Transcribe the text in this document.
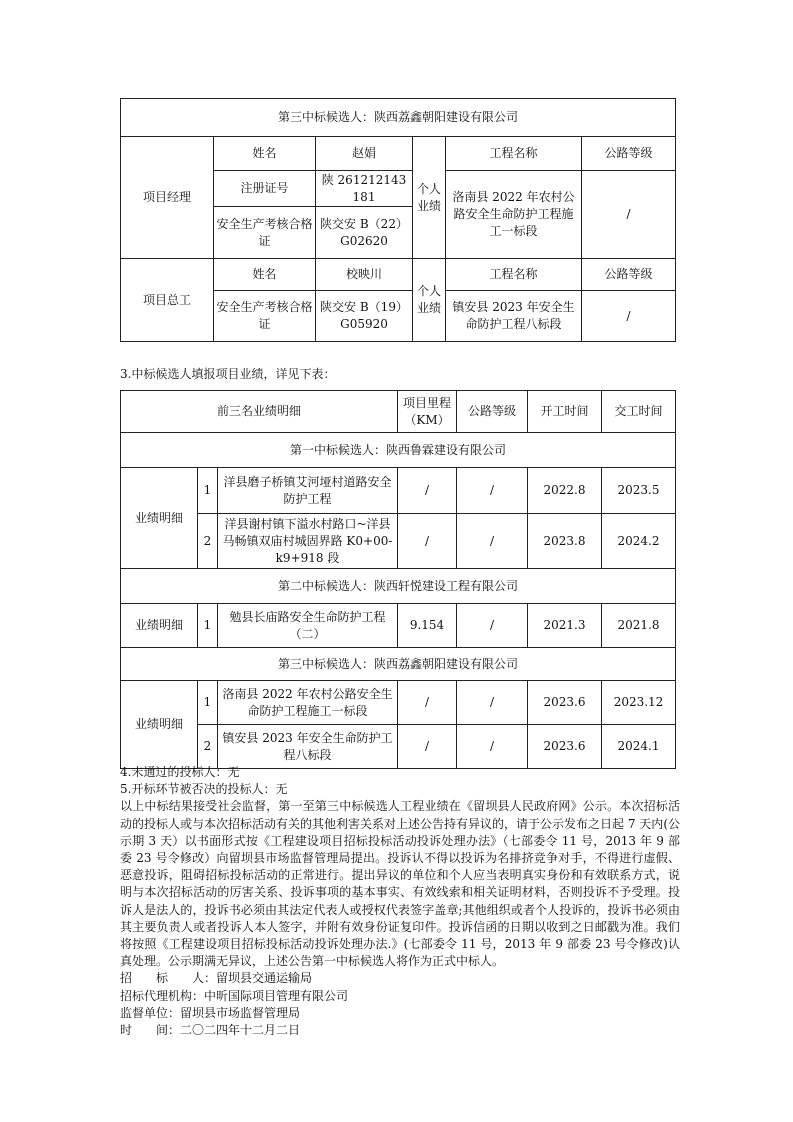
第三中标候选人：陕西荔鑫朝阳建设有限公司					
项目经理	姓名	赵娟	个人业绩	工程名称	公路等级
	注册证号	陕 261212143181		洛南县 2022 年农村公路安全生命防护工程施工一标段	/
	安全生产考核合格证	陕交安 B（22）G02620			
项目总工	姓名	校映川	个人业绩	工程名称	公路等级
	安全生产考核合格证	陕交安 B（19）G05920		镇安县 2023 年安全生命防护工程八标段	/

3.中标候选人填报项目业绩，详见下表：

前三名业绩明细			项目里程（KM）	公路等级	开工时间	交工时间
第一中标候选人：陕西鲁霖建设有限公司						
业绩明细	1	洋县磨子桥镇艾河垭村道路安全防护工程	/	/	2022.8	2023.5
	2	洋县谢村镇下溢水村路口~洋县马畅镇双庙村城固界路 K0+00-k9+918 段	/	/	2023.8	2024.2
第二中标候选人：陕西轩悦建设工程有限公司						
业绩明细	1	勉县长庙路安全生命防护工程（二）	9.154	/	2021.3	2021.8
第三中标候选人：陕西荔鑫朝阳建设有限公司						
业绩明细	1	洛南县 2022 年农村公路安全生命防护工程施工一标段	/	/	2023.6	2023.12
	2	镇安县 2023 年安全生命防护工程八标段	/	/	2023.6	2024.1

4.未通过的投标人：无

5.开标环节被否决的投标人：无

以上中标结果接受社会监督，第一至第三中标候选人工程业绩在《留坝县人民政府网》公示。本次招标活动的投标人或与本次招标活动有关的其他利害关系对上述公告持有异议的，请于公示发布之日起 7 天内(公示期 3 天）以书面形式按《工程建设项目招标投标活动投诉处理办法》（七部委令 11 号，2013 年 9 部委 23 号令修改）向留坝县市场监督管理局提出。投诉认不得以投诉为名排挤竞争对手，不得进行虚假、恶意投诉，阻碍招标投标活动的正常进行。提出异议的单位和个人应当表明真实身份和有效联系方式，说明与本次招标活动的厉害关系、投诉事项的基本事实、有效线索和相关证明材料，否则投诉不予受理。投诉人是法人的，投诉书必须由其法定代表人或授权代表签字盖章;其他组织或者个人投诉的，投诉书必须由其主要负责人或者投诉人本人签字，并附有效身份证复印件。投诉信函的日期以收到之日邮戳为准。我们将按照《工程建设项目招标投标活动投诉处理办法.》(七部委令 11 号，2013 年 9 部委 23 号令修改)认真处理。公示期满无异议，上述公告第一中标候选人将作为正式中标人。

招　　标　　人：留坝县交通运输局

招标代理机构：中昕国际项目管理有限公司

监督单位：留坝县市场监督管理局

时　　间：二〇二四年十二月二日
